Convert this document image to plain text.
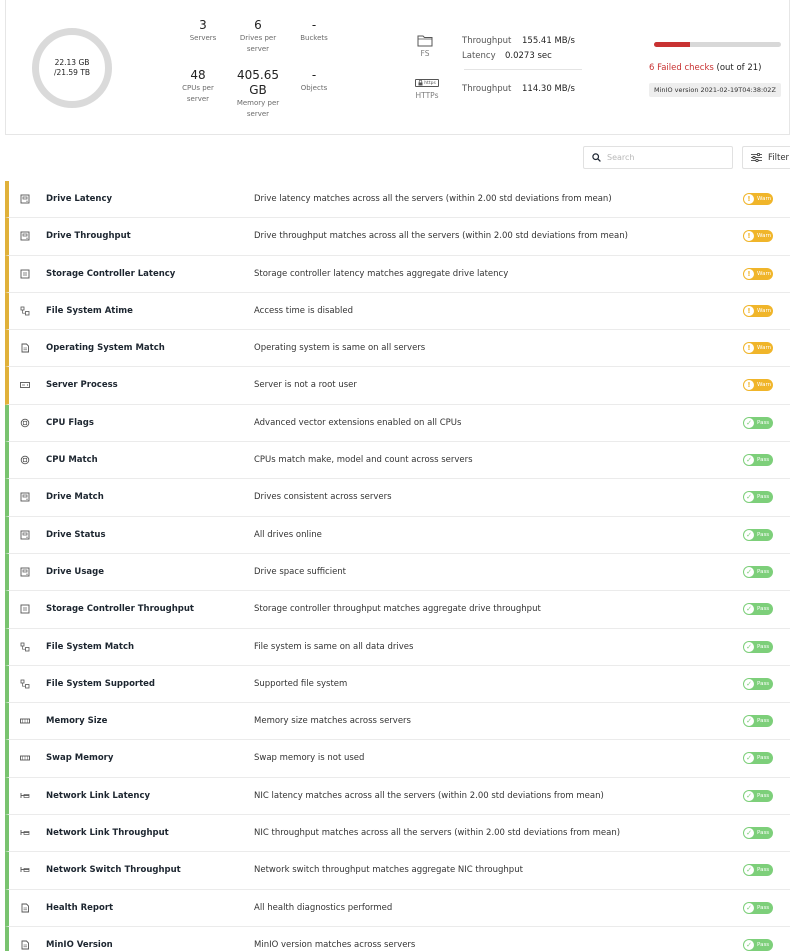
22.13 GB
/21.59 TB
3
Servers
6
Drives per server
-
Buckets
48
CPUs per server
405.65 GB
Memory per server
-
Objects
FS
Throughput 155.41 MB/s
Latency 0.0273 sec
https
HTTPs
Throughput 114.30 MB/s
6 Failed checks (out of 21)
MinIO version 2021-02-19T04:38:02Z
Search
Filter
Drive Latency	Drive latency matches across all the servers (within 2.00 std deviations from mean)	!	Warn
Drive Throughput	Drive throughput matches across all the servers (within 2.00 std deviations from mean)	!	Warn
Storage Controller Latency	Storage controller latency matches aggregate drive latency	!	Warn
File System Atime	Access time is disabled	!	Warn
Operating System Match	Operating system is same on all servers	!	Warn
Server Process	Server is not a root user	!	Warn
CPU Flags	Advanced vector extensions enabled on all CPUs	✓ Pass
CPU Match	CPUs match make, model and count across servers	✓ Pass
Drive Match	Drives consistent across servers	✓ Pass
Drive Status	All drives online	✓ Pass
Drive Usage	Drive space sufficient	✓ Pass
Storage Controller Throughput	Storage controller throughput matches aggregate drive throughput	✓ Pass
File System Match	File system is same on all data drives	✓ Pass
File System Supported	Supported file system	✓ Pass
Memory Size	Memory size matches across servers	✓ Pass
Swap Memory	Swap memory is not used	✓ Pass
Network Link Latency	NIC latency matches across all the servers (within 2.00 std deviations from mean)	✓ Pass
Network Link Throughput	NIC throughput matches across all the servers (within 2.00 std deviations from mean)	✓ Pass
Network Switch Throughput	Network switch throughput matches aggregate NIC throughput	✓ Pass
Health Report	All health diagnostics performed	✓ Pass
MinIO Version	MinIO version matches across servers	✓ Pass
